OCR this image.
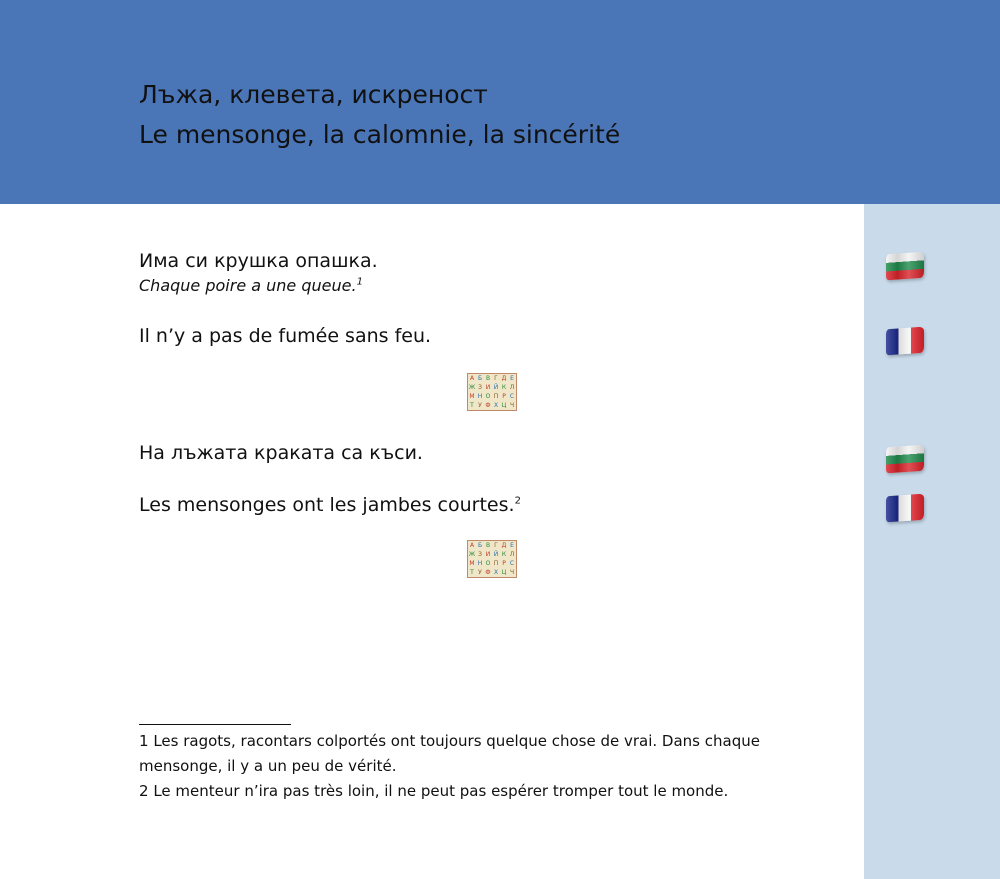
Лъжа, клевета, искреност
Le mensonge, la calomnie, la sincérité

Има си крушка опашка.

Chaque poire a une queue.$^1$

Il n’y a pas de fumée sans feu.

А Б В Г Д Е
Ж З И Й К Л
М Н О П Р С
Т У Ф Х Ц Ч

На лъжата краката са къси.

Les mensonges ont les jambes courtes.$^2$

А Б В Г Д Е
Ж З И Й К Л
М Н О П Р С
Т У Ф Х Ц Ч

1 Les ragots, racontars colportés ont toujours quelque chose de vrai. Dans chaque mensonge, il y a un peu de vérité.

2 Le menteur n’ira pas très loin, il ne peut pas espérer tromper tout le monde.
